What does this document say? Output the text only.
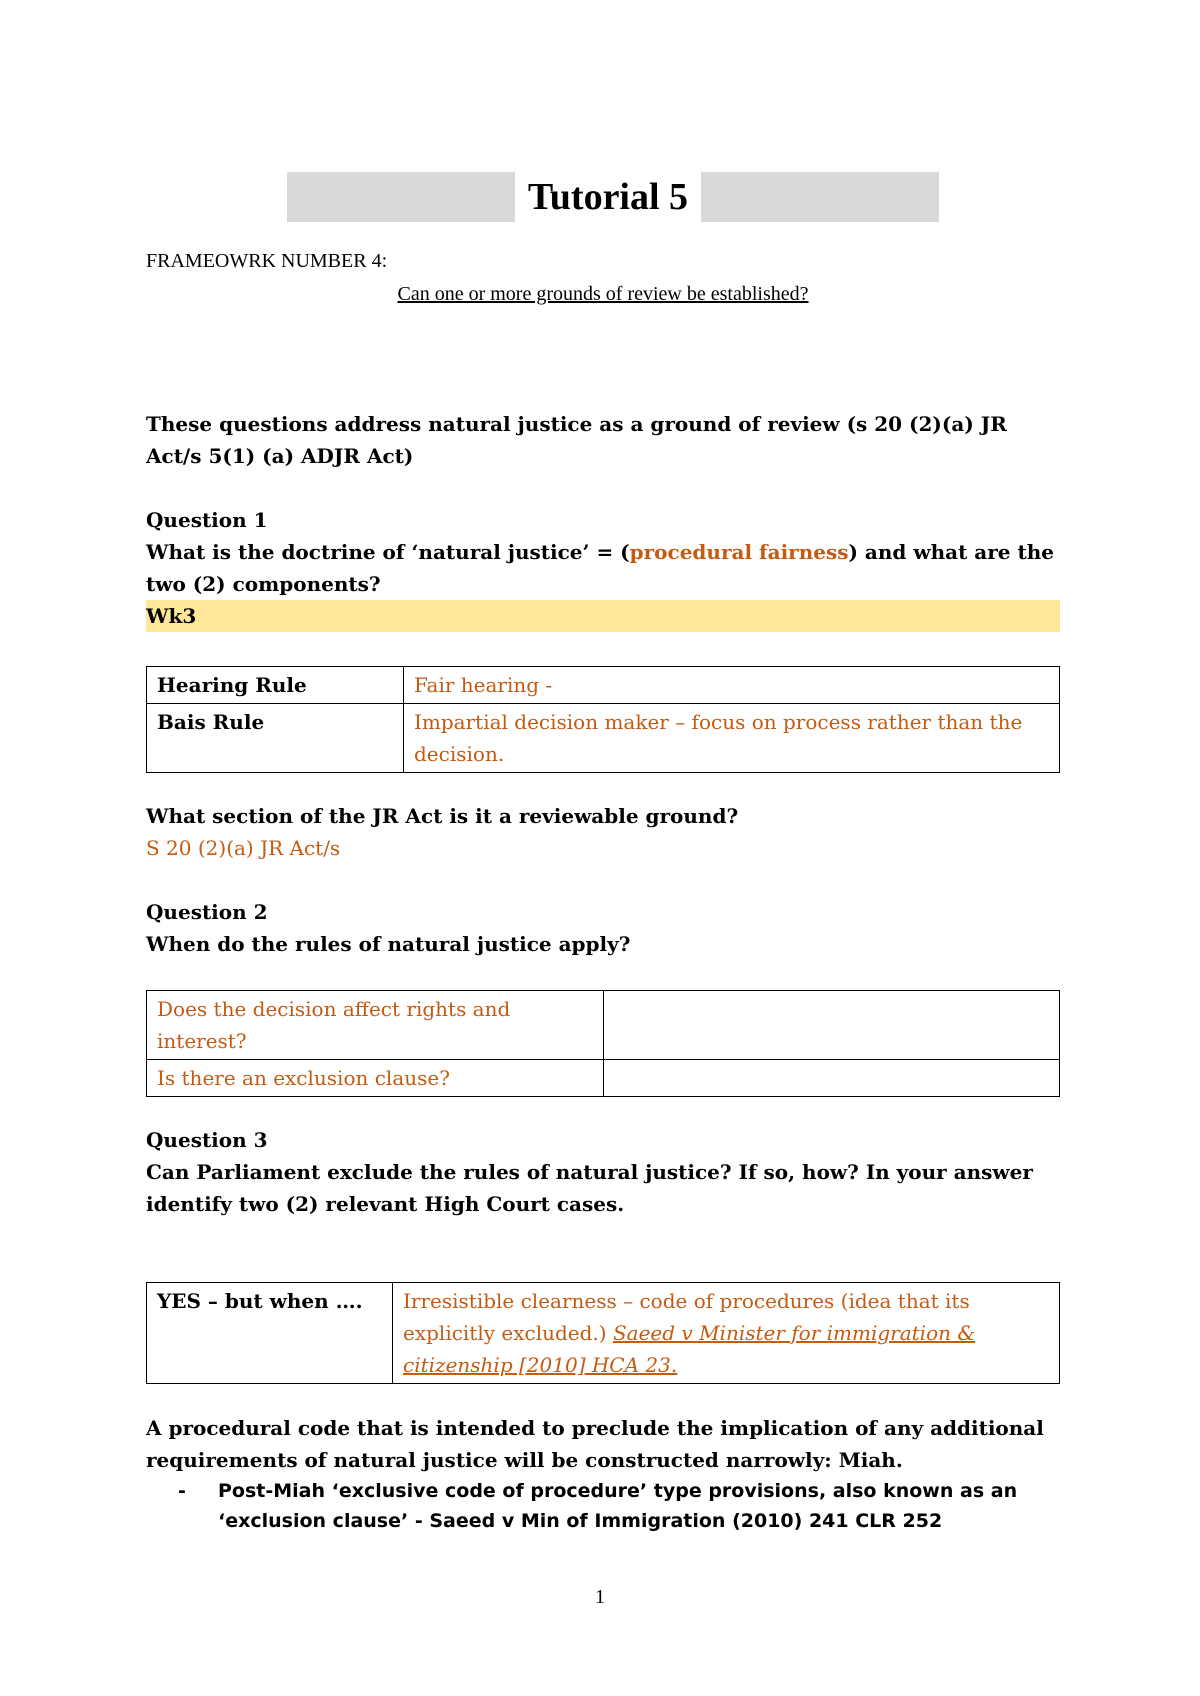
Tutorial 5
FRAMEOWRK NUMBER 4:
Can one or more grounds of review be established?
These questions address natural justice as a ground of review (s 20 (2)(a) JR Act/s 5(1) (a) ADJR Act)
Question 1
What is the doctrine of ‘natural justice’ = (procedural fairness) and what are the two (2) components?
Wk3
Hearing Rule	Fair hearing -
Bais Rule	Impartial decision maker – focus on process rather than the decision.
What section of the JR Act is it a reviewable ground?
S 20 (2)(a) JR Act/s
Question 2
When do the rules of natural justice apply?
Does the decision affect rights and interest?	
Is there an exclusion clause?	
Question 3
Can Parliament exclude the rules of natural justice? If so, how? In your answer identify two (2) relevant High Court cases.
YES – but when ….	Irresistible clearness – code of procedures (idea that its explicitly excluded.) Saeed v Minister for immigration & citizenship [2010] HCA 23.
A procedural code that is intended to preclude the implication of any additional requirements of natural justice will be constructed narrowly: Miah.
- Post-Miah ‘exclusive code of procedure’ type provisions, also known as an ‘exclusion clause’ - Saeed v Min of Immigration (2010) 241 CLR 252
1
